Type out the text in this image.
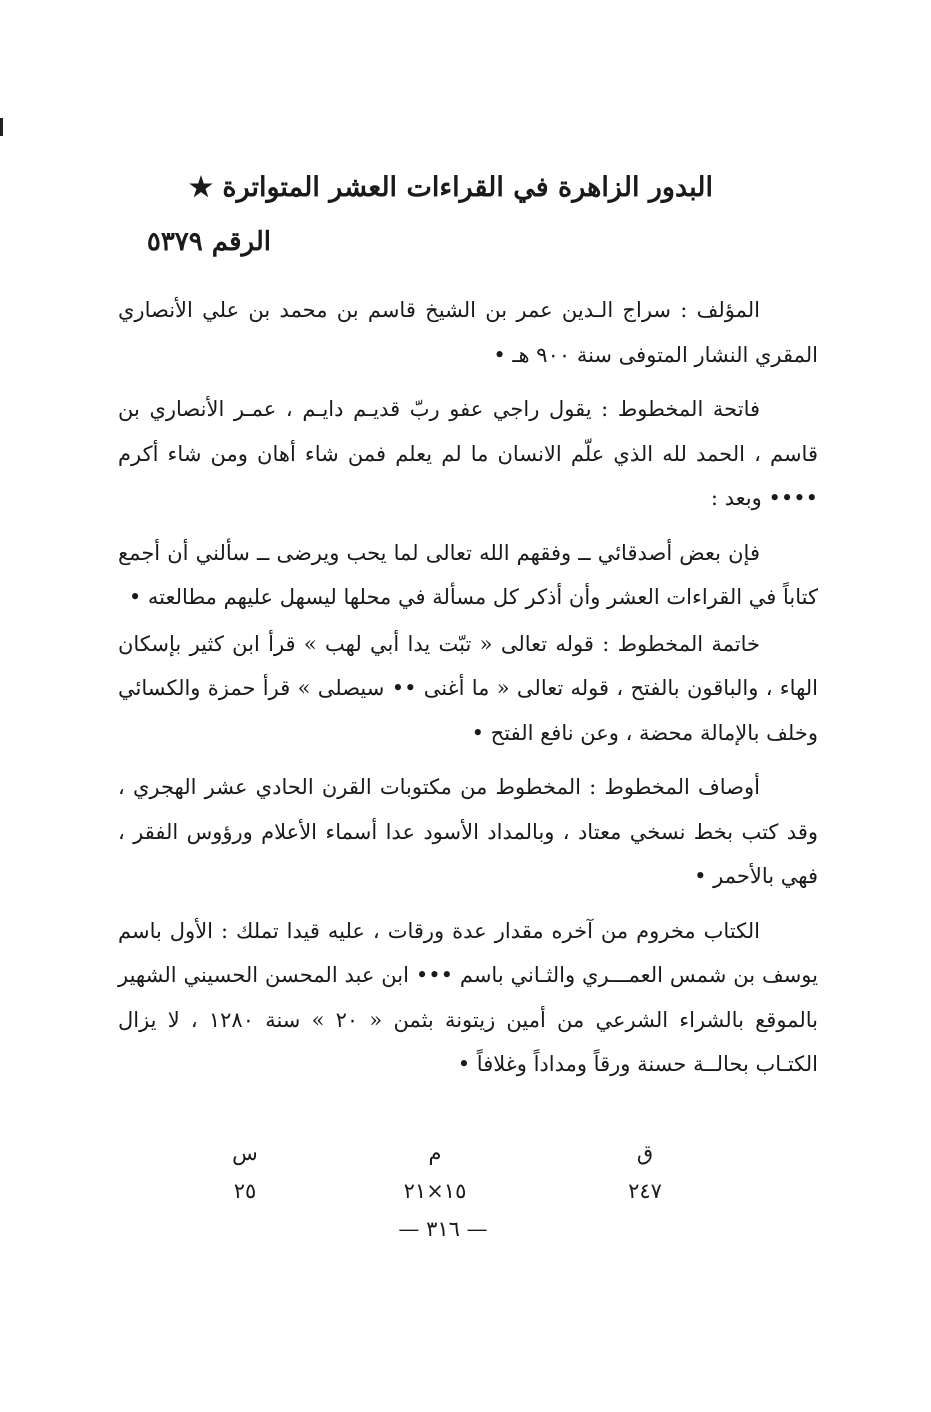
البدور الزاهرة في القراءات العشر المتواترة ★
الرقم ٥٣٧٩

المؤلف : سراج الـدين عمر بن الشيخ قاسم بن محمد بن علي الأنصاري المقري النشار المتوفى سنة ٩٠٠ هـ •

فاتحة المخطوط : يقول راجي عفو ربّ قديـم دايـم ، عمـر الأنصاري بن قاسم ، الحمد لله الذي علّم الانسان ما لم يعلم فمن شاء أهان ومن شاء أكرم •••• وبعد :

فإن بعض أصدقائي ــ وفقهم الله تعالى لما يحب ويرضى ــ سألني أن أجمع كتاباً في القراءات العشر وأن أذكر كل مسألة في محلها ليسهل عليهم مطالعته •

خاتمة المخطوط : قوله تعالى « تبّت يدا أبي لهب » قرأ ابن كثير بإسكان الهاء ، والباقون بالفتح ، قوله تعالى « ما أغنى •• سيصلى » قرأ حمزة والكسائي وخلف بالإمالة محضة ، وعن نافع الفتح •

أوصاف المخطوط : المخطوط من مكتوبات القرن الحادي عشر الهجري ، وقد كتب بخط نسخي معتاد ، وبالمداد الأسود عدا أسماء الأعلام ورؤوس الفقر ، فهي بالأحمر •

الكتاب مخروم من آخره مقدار عدة ورقات ، عليه قيدا تملك : الأول باسم يوسف بن شمس العمـــري والثـاني باسم ••• ابن عبد المحسن الحسيني الشهير بالموقع بالشراء الشرعي من أمين زيتونة بثمن « ٢٠ » سنة ١٢٨٠ ، لا يزال الكتـاب بحالــة حسنة ورقاً ومداداً وغلافاً •

ق
٢٤٧
م
١٥×٢١
س
٢٥
— ٣١٦ —
